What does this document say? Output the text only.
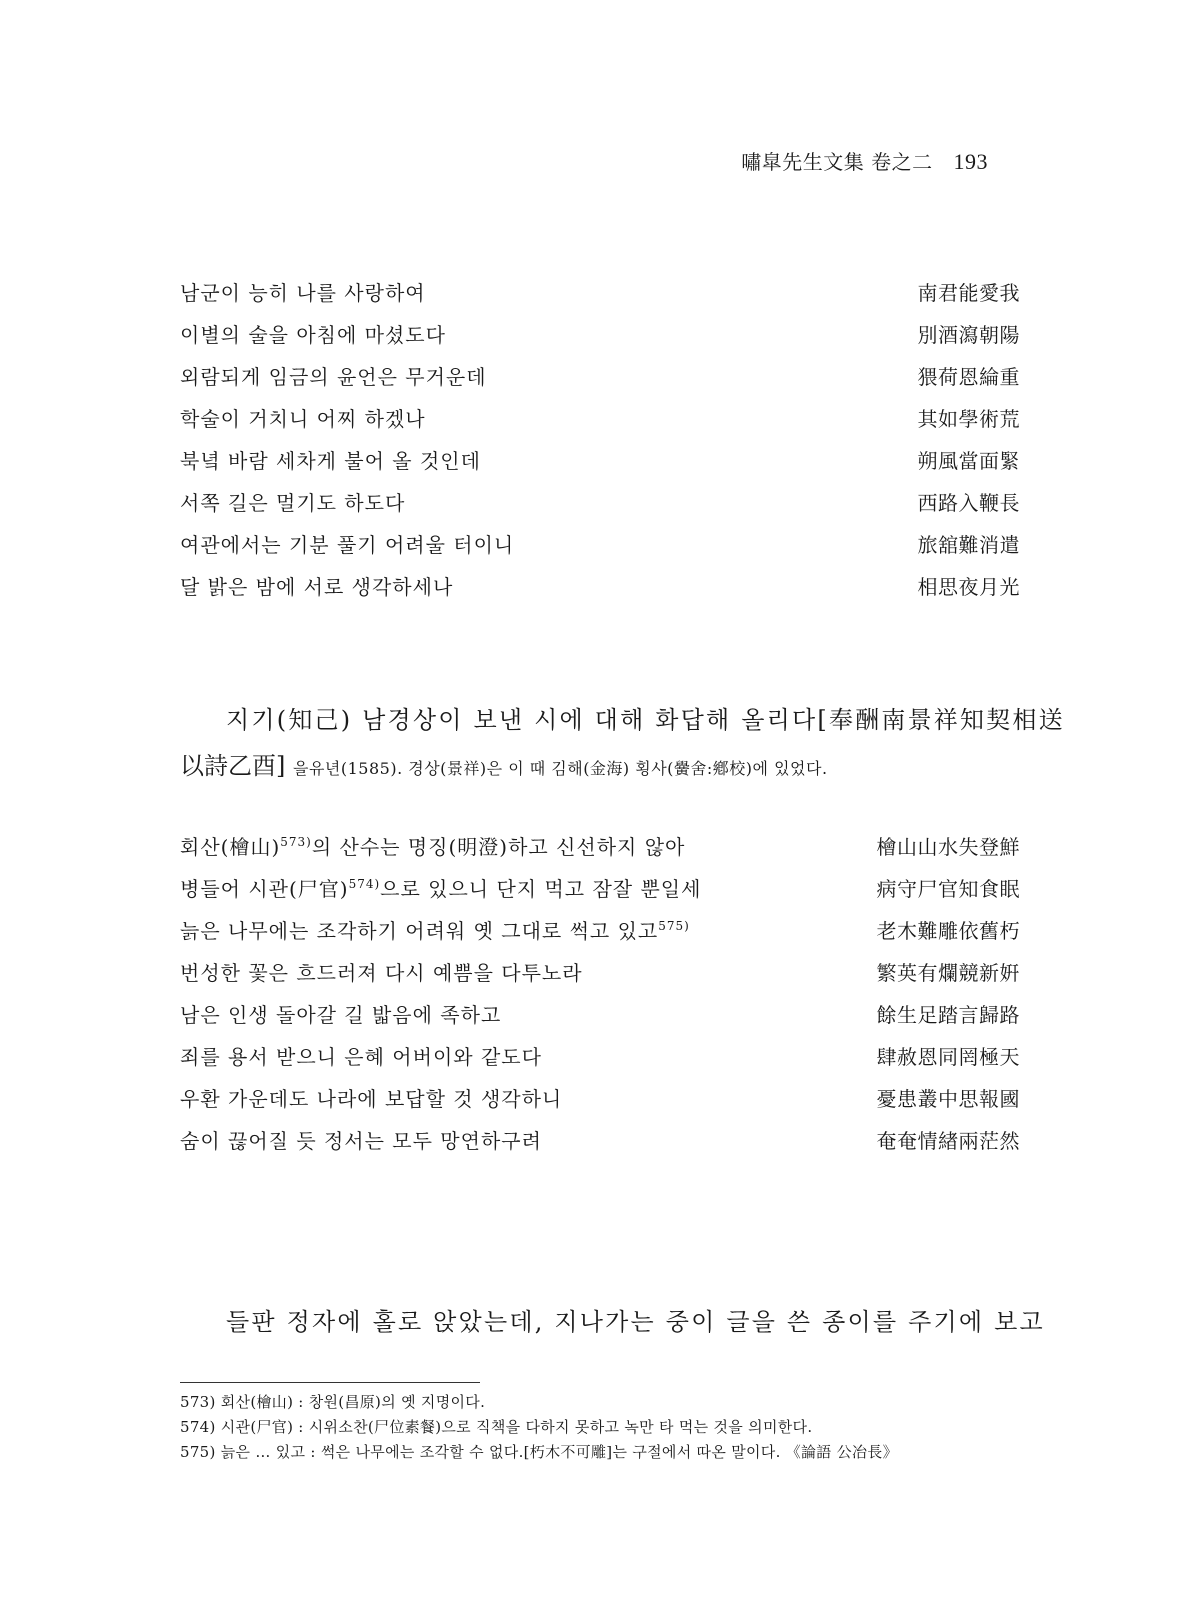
嘯皐先生文集 卷之二 193
남군이 능히 나를 사랑하여	南君能愛我
이별의 술을 아침에 마셨도다	別酒瀉朝陽
외람되게 임금의 윤언은 무거운데	猥荷恩綸重
학술이 거치니 어찌 하겠나	其如學術荒
북녘 바람 세차게 불어 올 것인데	朔風當面緊
서쪽 길은 멀기도 하도다	西路入鞭長
여관에서는 기분 풀기 어려울 터이니	旅舘難消遣
달 밝은 밤에 서로 생각하세나	相思夜月光
지기(知己) 남경상이 보낸 시에 대해 화답해 올리다[奉酬南景祥知契相送
以詩乙酉] 을유년(1585). 경상(景祥)은 이 때 김해(金海) 횡사(黌舍:鄕校)에 있었다.
회산(檜山)$^{573)}$의 산수는 명징(明澄)하고 신선하지 않아	檜山山水失登鮮
병들어 시관(尸官)$^{574)}$으로 있으니 단지 먹고 잠잘 뿐일세	病守尸官知食眠
늙은 나무에는 조각하기 어려워 옛 그대로 썩고 있고$^{575)}$	老木難雕依舊朽
번성한 꽃은 흐드러져 다시 예쁨을 다투노라	繁英有爛競新姸
남은 인생 돌아갈 길 밟음에 족하고	餘生足踏言歸路
죄를 용서 받으니 은혜 어버이와 같도다	肆赦恩同罔極天
우환 가운데도 나라에 보답할 것 생각하니	憂患叢中思報國
숨이 끊어질 듯 정서는 모두 망연하구려	奄奄情緖兩茫然
들판 정자에 홀로 앉았는데, 지나가는 중이 글을 쓴 종이를 주기에 보고
573) 회산(檜山) : 창원(昌原)의 옛 지명이다.
574) 시관(尸官) : 시위소찬(尸位素餐)으로 직책을 다하지 못하고 녹만 타 먹는 것을 의미한다.
575) 늙은 … 있고 : 썩은 나무에는 조각할 수 없다.[朽木不可雕]는 구절에서 따온 말이다. 《論語 公冶長》
